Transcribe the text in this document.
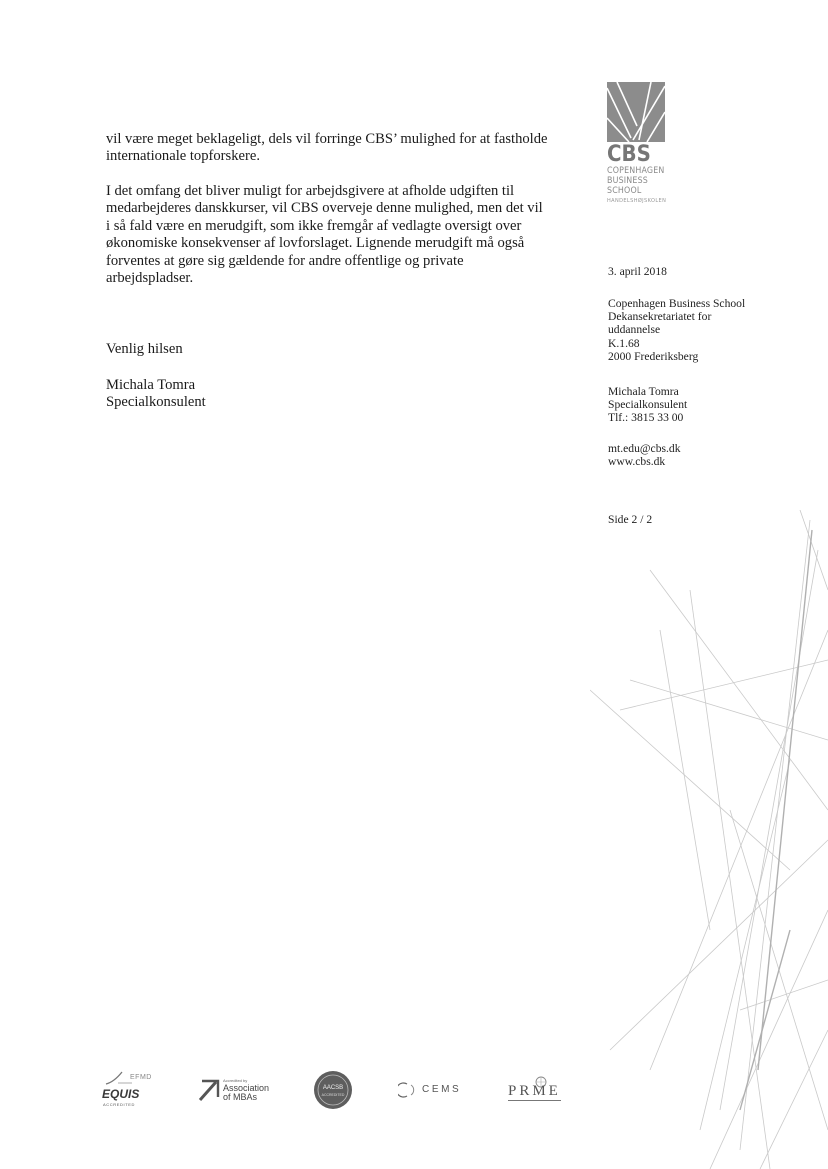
CBS
COPENHAGEN
BUSINESS SCHOOL
HANDELSHØJSKOLEN

vil være meget beklageligt, dels vil forringe CBS’ mulighed for at fastholde

internationale topforskere.

I det omfang det bliver muligt for arbejdsgivere at afholde udgiften til

medarbejderes danskkurser, vil CBS overveje denne mulighed, men det vil

i så fald være en merudgift, som ikke fremgår af vedlagte oversigt over

økonomiske konsekvenser af lovforslaget. Lignende merudgift må også

forventes at gøre sig gældende for andre offentlige og private

arbejdspladser.

Venlig hilsen

Michala Tomra

Specialkonsulent

3. april 2018

Copenhagen Business School

Dekansekretariatet for

uddannelse

K.1.68

2000 Frederiksberg

Michala Tomra

Specialkonsulent

Tlf.: 3815 33 00

mt.edu@cbs.dk

www.cbs.dk

Side 2 / 2
EFMD
EQUIS
ACCREDITED
Accredited by
Association
of MBAs
AACSB
ACCREDITED	CEMS	PRME
